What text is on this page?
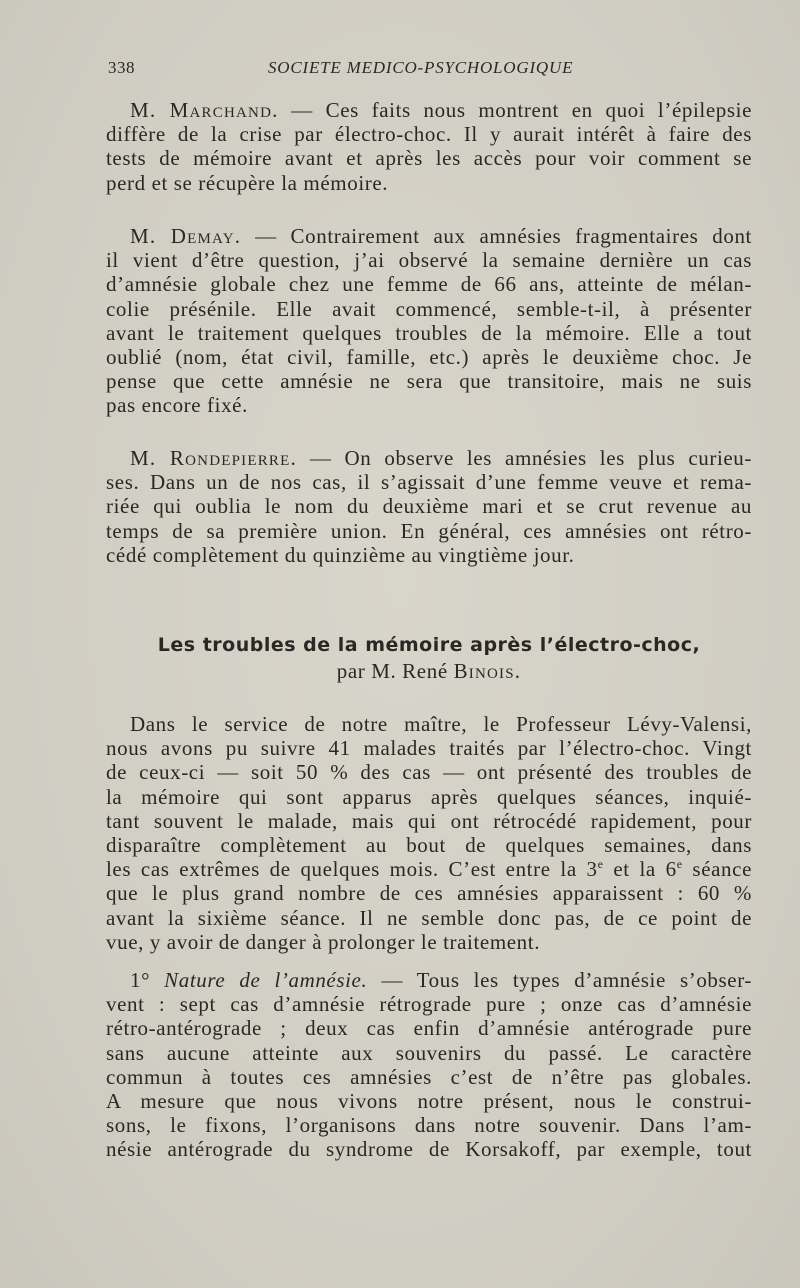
338	SOCIETE MEDICO-PSYCHOLOGIQUE
M. Marchand. — Ces faits nous montrent en quoi l’épilepsie
diffère de la crise par électro-choc. Il y aurait intérêt à faire des
tests de mémoire avant et après les accès pour voir comment se
perd et se récupère la mémoire.
M. Demay. — Contrairement aux amnésies fragmentaires dont
il vient d’être question, j’ai observé la semaine dernière un cas
d’amnésie globale chez une femme de 66 ans, atteinte de mélan-
colie présénile. Elle avait commencé, semble-t-il, à présenter
avant le traitement quelques troubles de la mémoire. Elle a tout
oublié (nom, état civil, famille, etc.) après le deuxième choc. Je
pense que cette amnésie ne sera que transitoire, mais ne suis
pas encore fixé.
M. Rondepierre. — On observe les amnésies les plus curieu-
ses. Dans un de nos cas, il s’agissait d’une femme veuve et rema-
riée qui oublia le nom du deuxième mari et se crut revenue au
temps de sa première union. En général, ces amnésies ont rétro-
cédé complètement du quinzième au vingtième jour.
Les troubles de la mémoire après l’électro-choc,
par M. René Binois.
Dans le service de notre maître, le Professeur Lévy-Valensi,
nous avons pu suivre 41 malades traités par l’électro-choc. Vingt
de ceux-ci — soit 50 % des cas — ont présenté des troubles de
la mémoire qui sont apparus après quelques séances, inquié-
tant souvent le malade, mais qui ont rétrocédé rapidement, pour
disparaître complètement au bout de quelques semaines, dans
les cas extrêmes de quelques mois. C’est entre la 3e et la 6e séance
que le plus grand nombre de ces amnésies apparaissent : 60 %
avant la sixième séance. Il ne semble donc pas, de ce point de
vue, y avoir de danger à prolonger le traitement.
1° Nature de l’amnésie. — Tous les types d’amnésie s’obser-
vent : sept cas d’amnésie rétrograde pure ; onze cas d’amnésie
rétro-antérograde ; deux cas enfin d’amnésie antérograde pure
sans aucune atteinte aux souvenirs du passé. Le caractère
commun à toutes ces amnésies c’est de n’être pas globales.
A mesure que nous vivons notre présent, nous le construi-
sons, le fixons, l’organisons dans notre souvenir. Dans l’am-
nésie antérograde du syndrome de Korsakoff, par exemple, tout
